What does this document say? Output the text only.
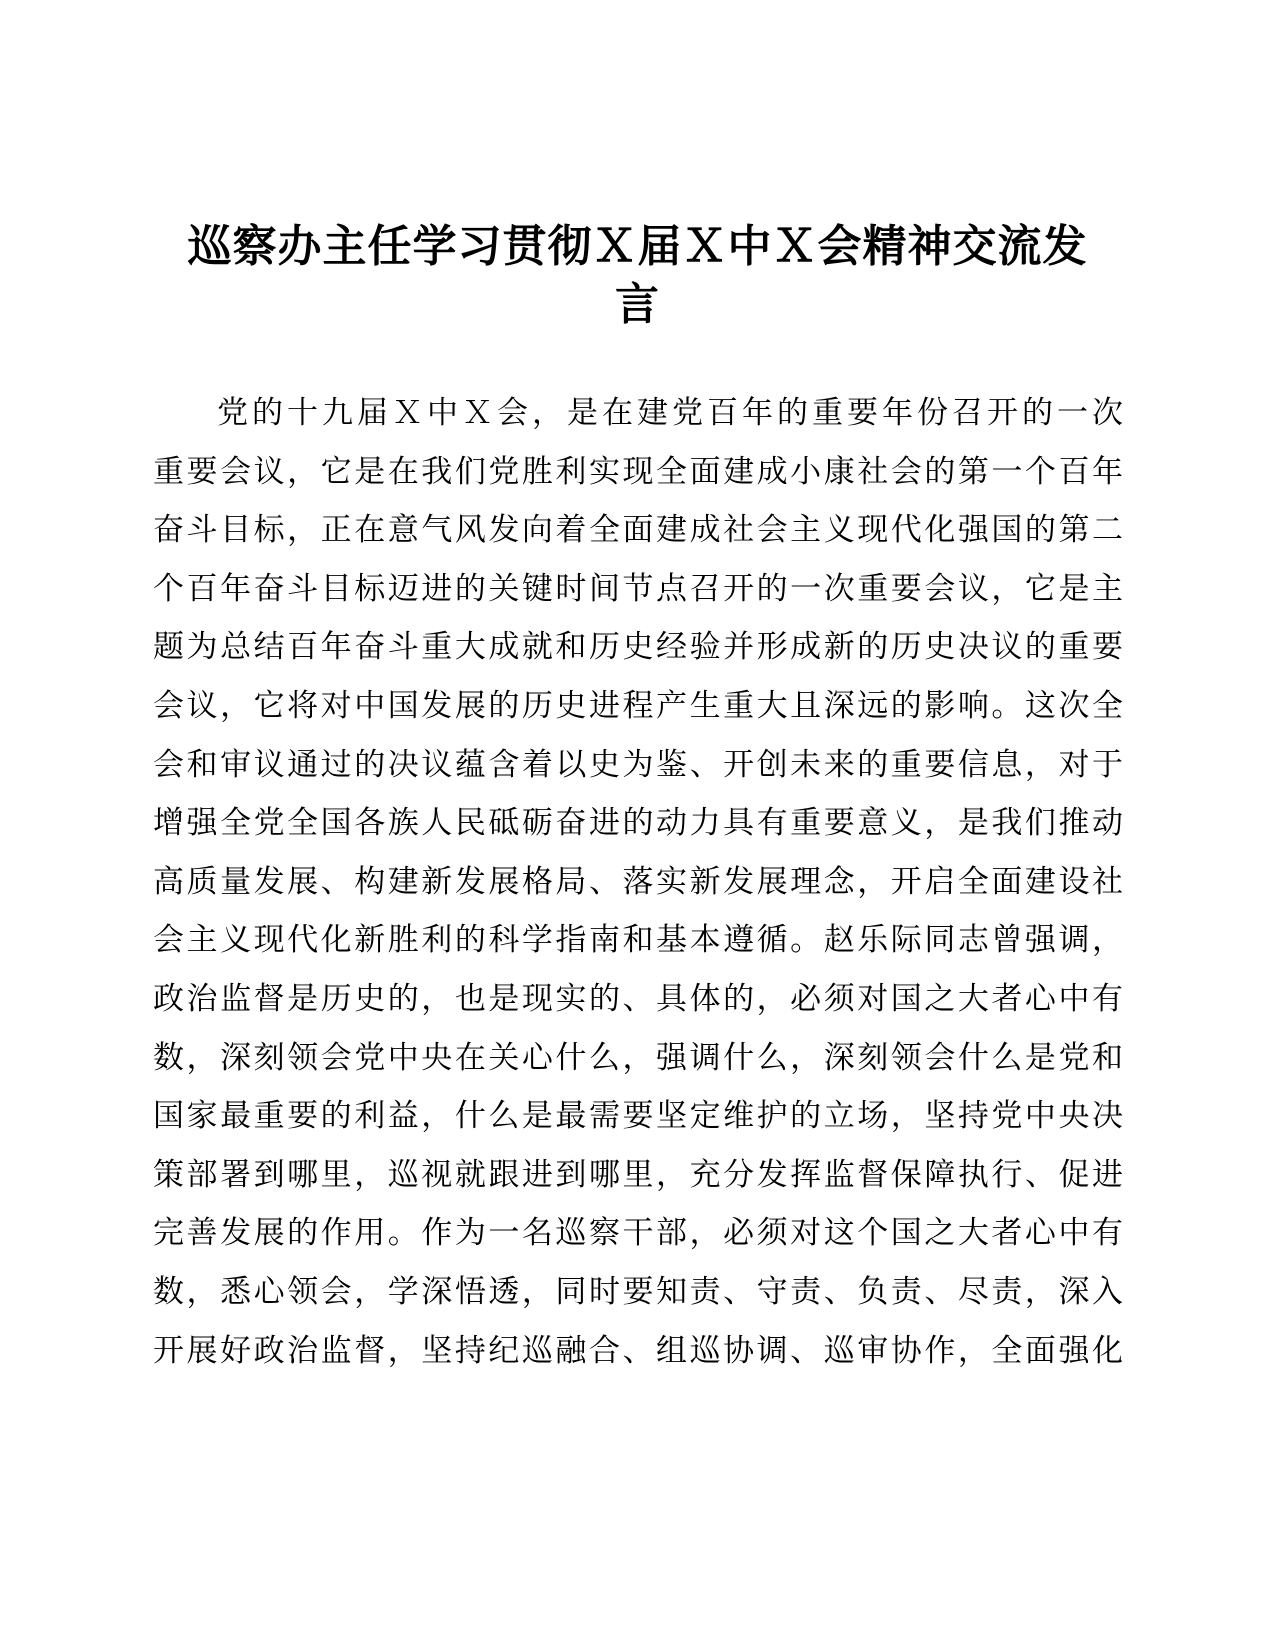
巡察办主任学习贯彻Ｘ届Ｘ中Ｘ会精神交流发
言
党的十九届Ｘ中Ｘ会，是在建党百年的重要年份召开的一次
重要会议，它是在我们党胜利实现全面建成小康社会的第一个百年
奋斗目标，正在意气风发向着全面建成社会主义现代化强国的第二
个百年奋斗目标迈进的关键时间节点召开的一次重要会议，它是主
题为总结百年奋斗重大成就和历史经验并形成新的历史决议的重要
会议，它将对中国发展的历史进程产生重大且深远的影响。这次全
会和审议通过的决议蕴含着以史为鉴、开创未来的重要信息，对于
增强全党全国各族人民砥砺奋进的动力具有重要意义，是我们推动
高质量发展、构建新发展格局、落实新发展理念，开启全面建设社
会主义现代化新胜利的科学指南和基本遵循。赵乐际同志曾强调，
政治监督是历史的，也是现实的、具体的，必须对国之大者心中有
数，深刻领会党中央在关心什么，强调什么，深刻领会什么是党和
国家最重要的利益，什么是最需要坚定维护的立场，坚持党中央决
策部署到哪里，巡视就跟进到哪里，充分发挥监督保障执行、促进
完善发展的作用。作为一名巡察干部，必须对这个国之大者心中有
数，悉心领会，学深悟透，同时要知责、守责、负责、尽责，深入
开展好政治监督，坚持纪巡融合、组巡协调、巡审协作，全面强化
